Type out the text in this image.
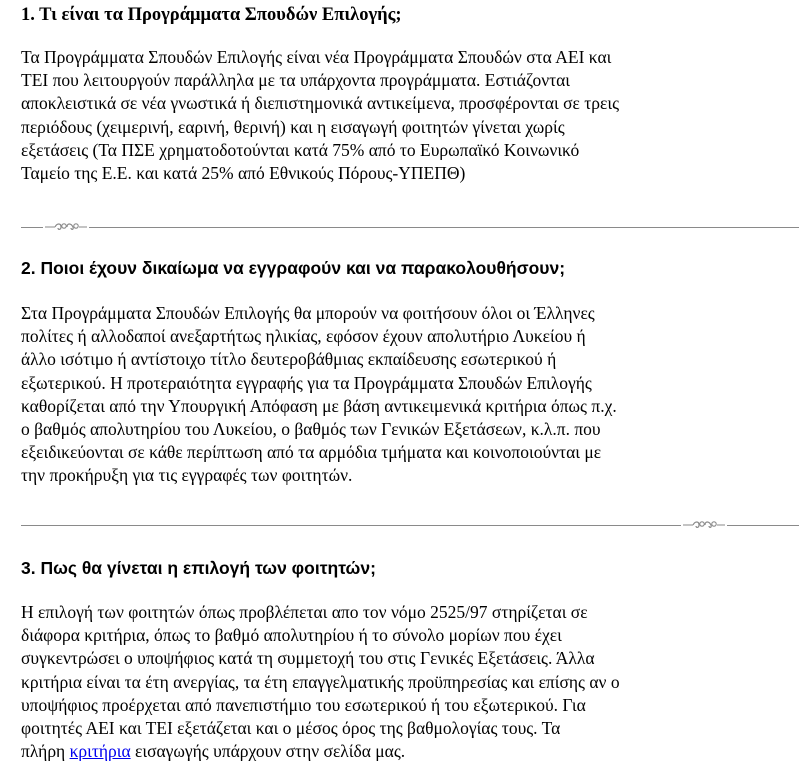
1. Τι είναι τα Προγράμματα Σπουδών Επιλογής;
Τα Προγράμματα Σπουδών Επιλογής είναι νέα Προγράμματα Σπουδών στα ΑΕΙ και
ΤΕΙ που λειτουργούν παράλληλα με τα υπάρχοντα προγράμματα. Εστιάζονται
αποκλειστικά σε νέα γνωστικά ή διεπιστημονικά αντικείμενα, προσφέρονται σε τρεις
περιόδους (χειμερινή, εαρινή, θερινή) και η εισαγωγή φοιτητών γίνεται χωρίς
εξετάσεις (Τα ΠΣΕ χρηματοδοτούνται κατά 75% από το Ευρωπαϊκό Κοινωνικό
Ταμείο της Ε.Ε. και κατά 25% από Εθνικούς Πόρους-ΥΠΕΠΘ)
2. Ποιοι έχουν δικαίωμα να εγγραφούν και να παρακολουθήσουν;
Στα Προγράμματα Σπουδών Επιλογής θα μπορούν να φοιτήσουν όλοι οι Έλληνες
πολίτες ή αλλοδαποί ανεξαρτήτως ηλικίας, εφόσον έχουν απολυτήριο Λυκείου ή
άλλο ισότιμο ή αντίστοιχο τίτλο δευτεροβάθμιας εκπαίδευσης εσωτερικού ή
εξωτερικού. Η προτεραιότητα εγγραφής για τα Προγράμματα Σπουδών Επιλογής
καθορίζεται από την Υπουργική Απόφαση με βάση αντικειμενικά κριτήρια όπως π.χ.
ο βαθμός απολυτηρίου του Λυκείου, ο βαθμός των Γενικών Εξετάσεων, κ.λ.π. που
εξειδικεύονται σε κάθε περίπτωση από τα αρμόδια τμήματα και κοινοποιούνται με
την προκήρυξη για τις εγγραφές των φοιτητών.
3. Πως θα γίνεται η επιλογή των φοιτητών;
Η επιλογή των φοιτητών όπως προβλέπεται απο τον νόμο 2525/97 στηρίζεται σε
διάφορα κριτήρια, όπως το βαθμό απολυτηρίου ή το σύνολο μορίων που έχει
συγκεντρώσει ο υποψήφιος κατά τη συμμετοχή του στις Γενικές Εξετάσεις. Άλλα
κριτήρια είναι τα έτη ανεργίας, τα έτη επαγγελματικής προϋπηρεσίας και επίσης αν ο
υποψήφιος προέρχεται από πανεπιστήμιο του εσωτερικού ή του εξωτερικού. Για
φοιτητές ΑΕΙ και ΤΕΙ εξετάζεται και ο μέσος όρος της βαθμολογίας τους. Τα
πλήρη κριτήρια εισαγωγής υπάρχουν στην σελίδα μας.
